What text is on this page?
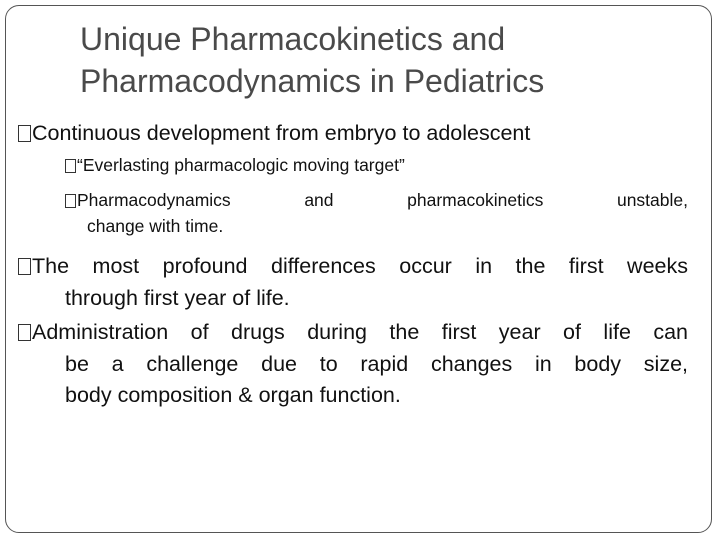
Unique Pharmacokinetics and
Pharmacodynamics in Pediatrics
Continuous development from embryo to adolescent
“Everlasting pharmacologic moving target”
Pharmacodynamics and pharmacokinetics unstable,
change with time.
The most profound differences occur in the first weeks
through first year of life.
Administration of drugs during the first year of life can
be a challenge due to rapid changes in body size,
body composition & organ function.
